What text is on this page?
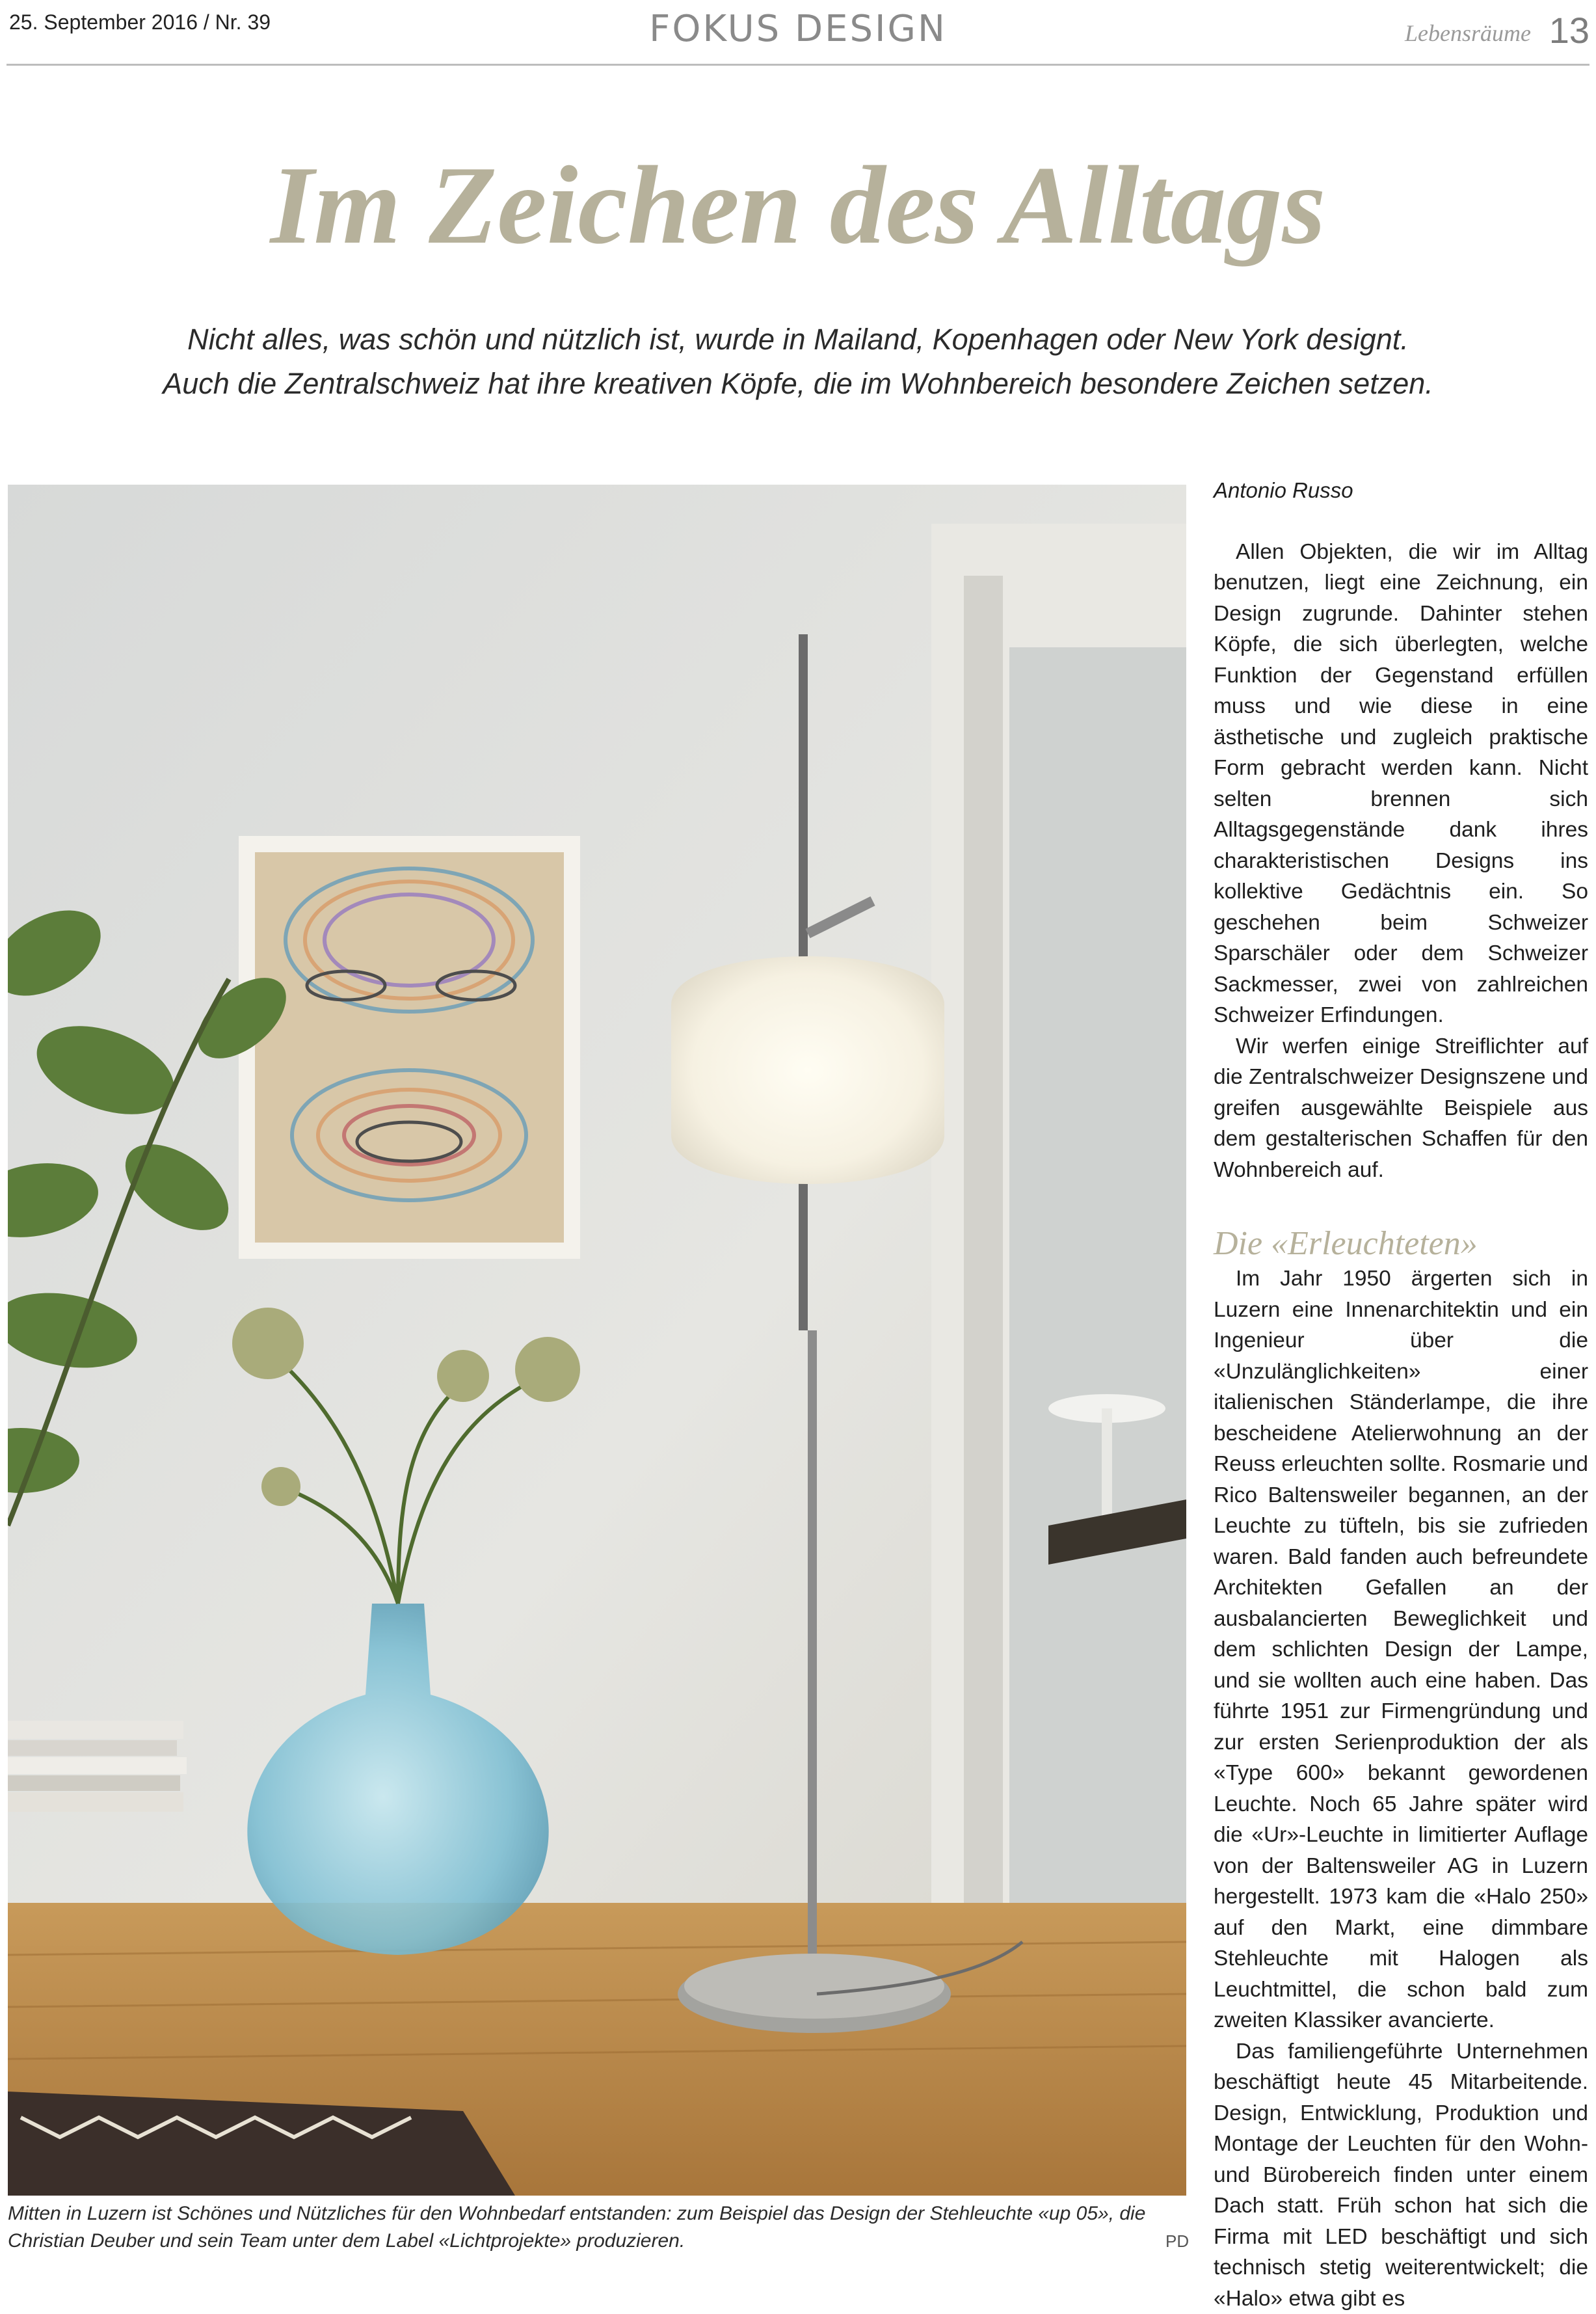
25. September 2016 / Nr. 39	FOKUS DESIGN	Lebensräume 13
Im Zeichen des Alltags
Nicht alles, was schön und nützlich ist, wurde in Mailand, Kopenhagen oder New York designt.
Auch die Zentralschweiz hat ihre kreativen Köpfe, die im Wohnbereich besondere Zeichen setzen.
Mitten in Luzern ist Schönes und Nützliches für den Wohnbedarf entstanden: zum Beispiel das Design der Stehleuchte «up 05», die Christian Deuber und sein Team unter dem Label «Lichtprojekte» produzieren.	PD
Antonio Russo

Allen Objekten, die wir im Alltag benutzen, liegt eine Zeichnung, ein Design zugrunde. Dahinter stehen Köpfe, die sich überlegten, welche Funktion der Gegenstand erfüllen muss und wie diese in eine ästhetische und zugleich praktische Form gebracht werden kann. Nicht selten brennen sich Alltagsgegenstände dank ihres charakteristischen Designs ins kollektive Gedächtnis ein. So geschehen beim Schweizer Sparschäler oder dem Schweizer Sackmesser, zwei von zahlreichen Schweizer Erfindungen.

Wir werfen einige Streiflichter auf die Zentralschweizer Designszene und greifen ausgewählte Beispiele aus dem gestalterischen Schaffen für den Wohnbereich auf.

Die «Erleuchteten»

Im Jahr 1950 ärgerten sich in Luzern eine Innenarchitektin und ein Ingenieur über die «Unzulänglichkeiten» einer italienischen Ständerlampe, die ihre bescheidene Atelierwohnung an der Reuss erleuchten sollte. Rosmarie und Rico Baltensweiler begannen, an der Leuchte zu tüfteln, bis sie zufrieden waren. Bald fanden auch befreundete Architekten Gefallen an der ausbalancierten Beweglichkeit und dem schlichten Design der Lampe, und sie wollten auch eine haben. Das führte 1951 zur Firmengründung und zur ersten Serienproduktion der als «Type 600» bekannt gewordenen Leuchte. Noch 65 Jahre später wird die «Ur»-Leuchte in limitierter Auflage von der Baltensweiler AG in Luzern hergestellt. 1973 kam die «Halo 250» auf den Markt, eine dimmbare Stehleuchte mit Halogen als Leuchtmittel, die schon bald zum zweiten Klassiker avancierte.

Das familiengeführte Unternehmen beschäftigt heute 45 Mitarbeitende. Design, Entwicklung, Produktion und Montage der Leuchten für den Wohn- und Bürobereich finden unter einem Dach statt. Früh schon hat sich die Firma mit LED beschäftigt und sich technisch stetig weiterentwickelt; die «Halo» etwa gibt es
